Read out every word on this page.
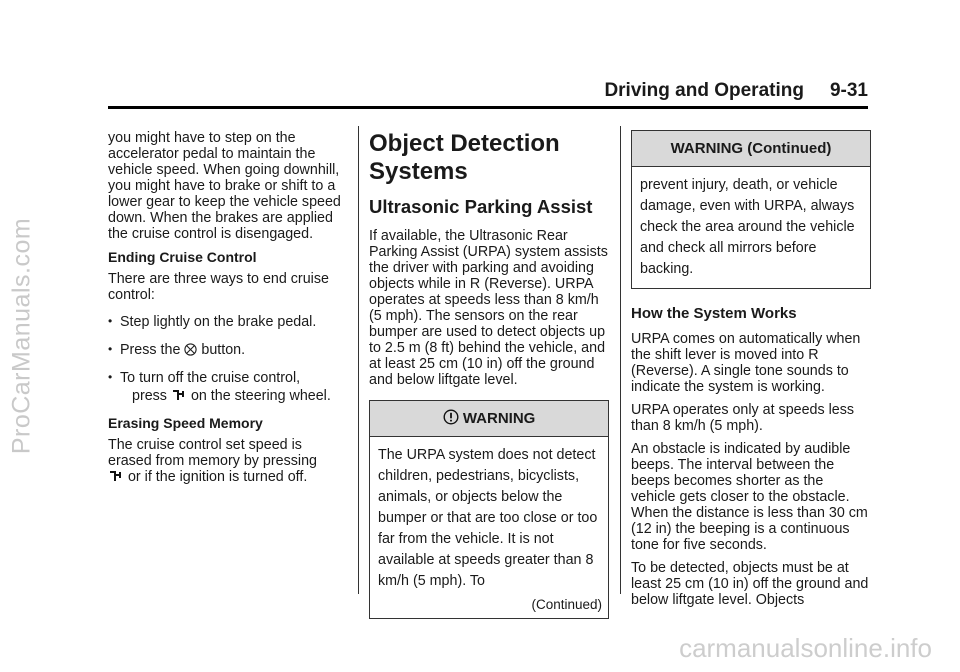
ProCarManuals.com
Driving and Operating 9-31

you might have to step on the accelerator pedal to maintain the vehicle speed. When going downhill, you might have to brake or shift to a lower gear to keep the vehicle speed down. When the brakes are applied the cruise control is disengaged.

Ending Cruise Control

There are three ways to end cruise control:

• Step lightly on the brake pedal.
• Press the button.
• To turn off the cruise control,
press on the steering wheel.
Erasing Speed Memory

The cruise control set speed is erased from memory by pressing
or if the ignition is turned off.

Object Detection Systems
Ultrasonic Parking Assist

If available, the Ultrasonic Rear Parking Assist (URPA) system assists the driver with parking and avoiding objects while in R (Reverse). URPA operates at speeds less than 8 km/h (5 mph). The sensors on the rear bumper are used to detect objects up to 2.5 m (8 ft) behind the vehicle, and at least 25 cm (10 in) off the ground and below liftgate level.

WARNING
The URPA system does not detect children, pedestrians, bicyclists, animals, or objects below the bumper or that are too close or too far from the vehicle. It is not available at speeds greater than 8 km/h (5 mph). To
(Continued)
WARNING (Continued)
prevent injury, death, or vehicle damage, even with URPA, always check the area around the vehicle and check all mirrors before backing.
How the System Works

URPA comes on automatically when the shift lever is moved into R (Reverse). A single tone sounds to indicate the system is working.

URPA operates only at speeds less than 8 km/h (5 mph).

An obstacle is indicated by audible beeps. The interval between the beeps becomes shorter as the vehicle gets closer to the obstacle. When the distance is less than 30 cm (12 in) the beeping is a continuous tone for five seconds.

To be detected, objects must be at least 25 cm (10 in) off the ground and below liftgate level. Objects

carmanualsonline.info
